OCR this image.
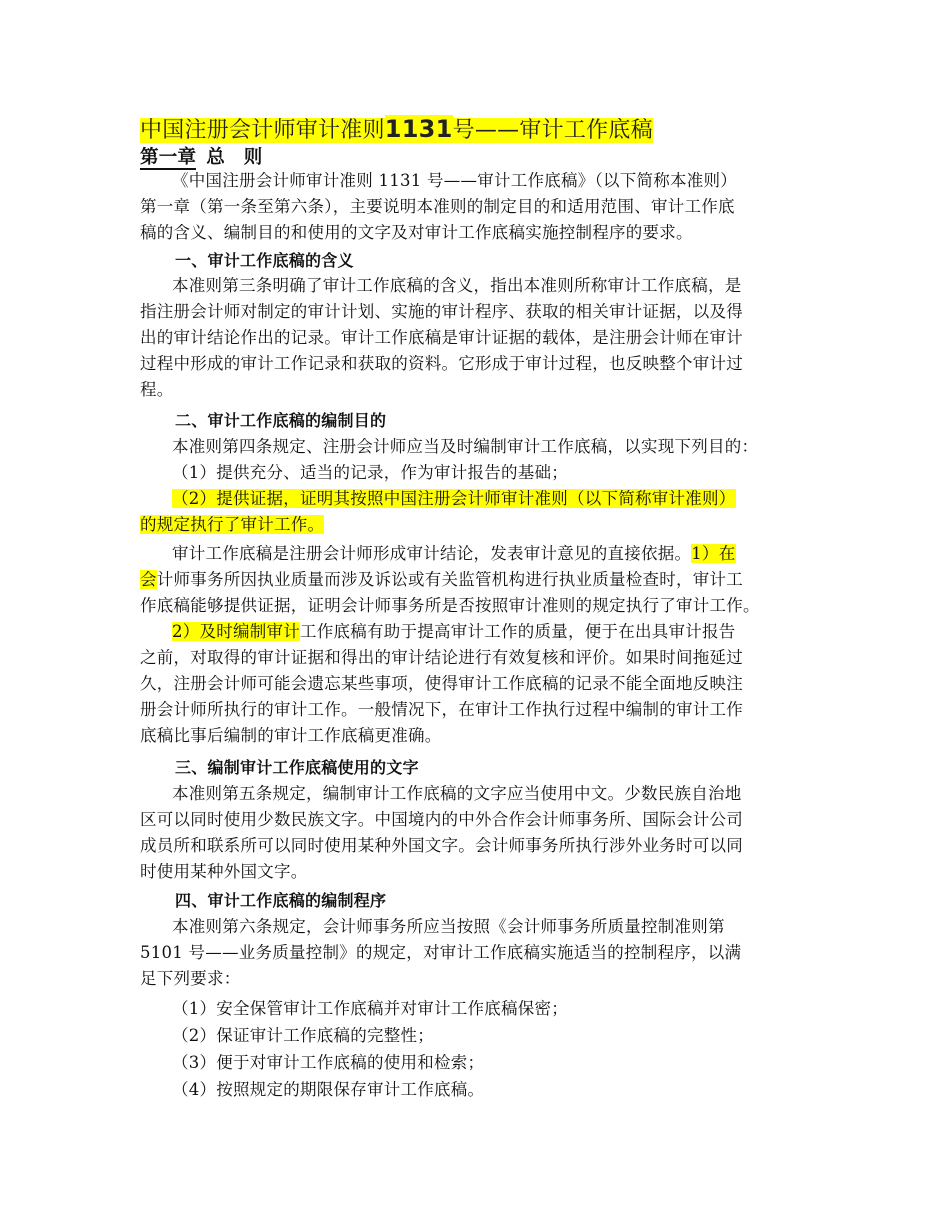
中国注册会计师审计准则1131号——审计工作底稿
第一章 总　则
《中国注册会计师审计准则 1131 号——审计工作底稿》（以下简称本准则）
第一章（第一条至第六条），主要说明本准则的制定目的和适用范围、审计工作底
稿的含义、编制目的和使用的文字及对审计工作底稿实施控制程序的要求。
一、审计工作底稿的含义
本准则第三条明确了审计工作底稿的含义，指出本准则所称审计工作底稿，是
指注册会计师对制定的审计计划、实施的审计程序、获取的相关审计证据，以及得
出的审计结论作出的记录。审计工作底稿是审计证据的载体，是注册会计师在审计
过程中形成的审计工作记录和获取的资料。它形成于审计过程，也反映整个审计过
程。
二、审计工作底稿的编制目的
本准则第四条规定、注册会计师应当及时编制审计工作底稿，以实现下列目的：
（1）提供充分、适当的记录，作为审计报告的基础；
（2）提供证据，证明其按照中国注册会计师审计准则（以下简称审计准则）
的规定执行了审计工作。
审计工作底稿是注册会计师形成审计结论，发表审计意见的直接依据。1）在
会计师事务所因执业质量而涉及诉讼或有关监管机构进行执业质量检查时，审计工
作底稿能够提供证据，证明会计师事务所是否按照审计准则的规定执行了审计工作。
2）及时编制审计工作底稿有助于提高审计工作的质量，便于在出具审计报告
之前，对取得的审计证据和得出的审计结论进行有效复核和评价。如果时间拖延过
久，注册会计师可能会遗忘某些事项，使得审计工作底稿的记录不能全面地反映注
册会计师所执行的审计工作。一般情况下，在审计工作执行过程中编制的审计工作
底稿比事后编制的审计工作底稿更准确。
三、编制审计工作底稿使用的文字
本准则第五条规定，编制审计工作底稿的文字应当使用中文。少数民族自治地
区可以同时使用少数民族文字。中国境内的中外合作会计师事务所、国际会计公司
成员所和联系所可以同时使用某种外国文字。会计师事务所执行涉外业务时可以同
时使用某种外国文字。
四、审计工作底稿的编制程序
本准则第六条规定，会计师事务所应当按照《会计师事务所质量控制准则第
5101 号——业务质量控制》的规定，对审计工作底稿实施适当的控制程序，以满
足下列要求：
（1）安全保管审计工作底稿并对审计工作底稿保密；
（2）保证审计工作底稿的完整性；
（3）便于对审计工作底稿的使用和检索；
（4）按照规定的期限保存审计工作底稿。
